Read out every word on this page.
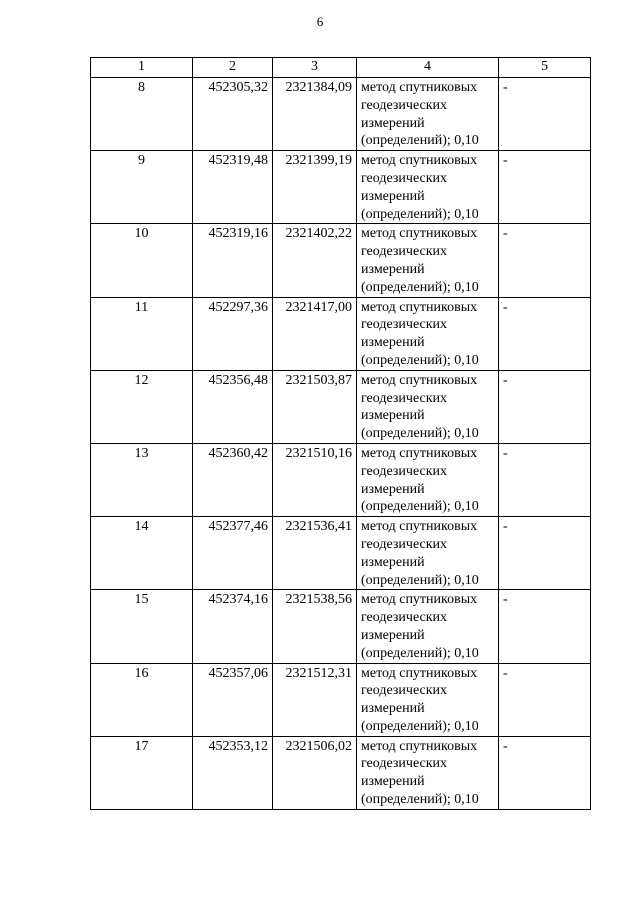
6
1	2	3	4	5
8	452305,32	2321384,09	метод спутниковых
геодезических
измерений
(определений); 0,10	-
9	452319,48	2321399,19	метод спутниковых
геодезических
измерений
(определений); 0,10	-
10	452319,16	2321402,22	метод спутниковых
геодезических
измерений
(определений); 0,10	-
11	452297,36	2321417,00	метод спутниковых
геодезических
измерений
(определений); 0,10	-
12	452356,48	2321503,87	метод спутниковых
геодезических
измерений
(определений); 0,10	-
13	452360,42	2321510,16	метод спутниковых
геодезических
измерений
(определений); 0,10	-
14	452377,46	2321536,41	метод спутниковых
геодезических
измерений
(определений); 0,10	-
15	452374,16	2321538,56	метод спутниковых
геодезических
измерений
(определений); 0,10	-
16	452357,06	2321512,31	метод спутниковых
геодезических
измерений
(определений); 0,10	-
17	452353,12	2321506,02	метод спутниковых
геодезических
измерений
(определений); 0,10	-
